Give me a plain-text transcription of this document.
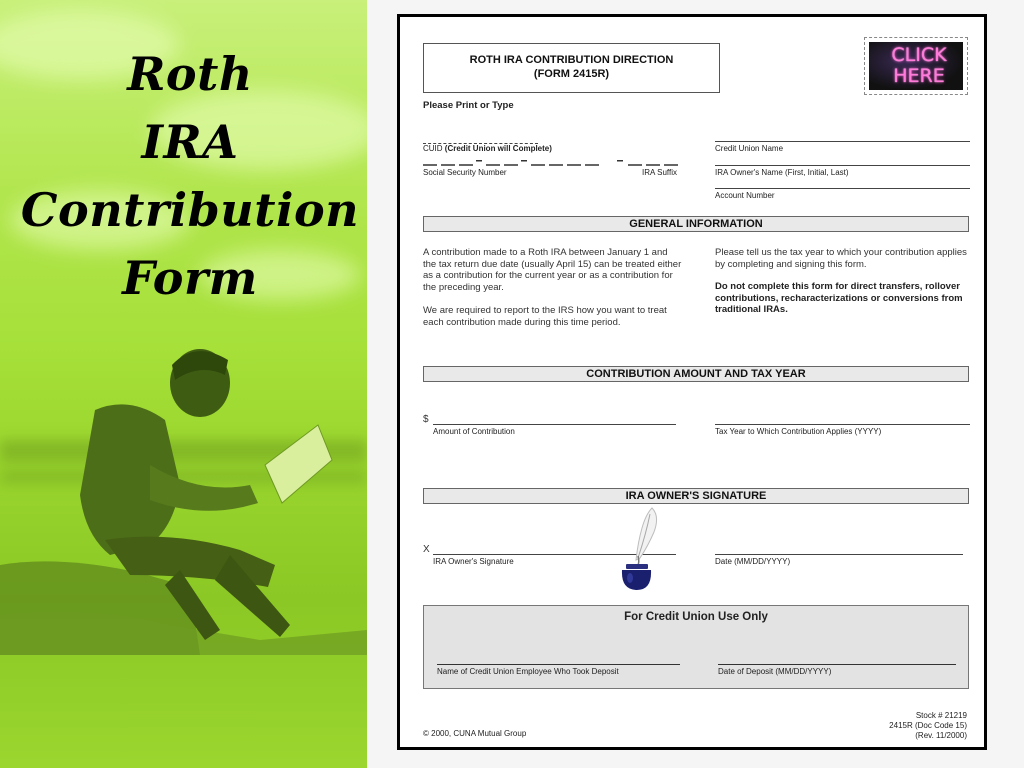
Roth
IRA
Contribution
Form
ROTH IRA CONTRIBUTION DIRECTION
(FORM 2415R)
CLICK
HERE
Please Print or Type
CUID (Credit Union will Complete)
Social Security Number	IRA Suffix
Credit Union Name
IRA Owner's Name (First, Initial, Last)
Account Number
GENERAL INFORMATION
A contribution made to a Roth IRA between January 1 and the tax return due date (usually April 15) can be treated either as a contribution for the current year or as a contribution for the preceding year.
We are required to report to the IRS how you want to treat each contribution made during this time period.
Please tell us the tax year to which your contribution applies by completing and signing this form.
Do not complete this form for direct transfers, rollover contributions, recharacterizations or conversions from traditional IRAs.
CONTRIBUTION AMOUNT AND TAX YEAR
$
Amount of Contribution	Tax Year to Which Contribution Applies (YYYY)
IRA OWNER'S SIGNATURE
X
IRA Owner's Signature	Date (MM/DD/YYYY)
For Credit Union Use Only
Name of Credit Union Employee Who Took Deposit	Date of Deposit (MM/DD/YYYY)
© 2000, CUNA Mutual Group
Stock # 21219
2415R (Doc Code 15)
(Rev. 11/2000)
